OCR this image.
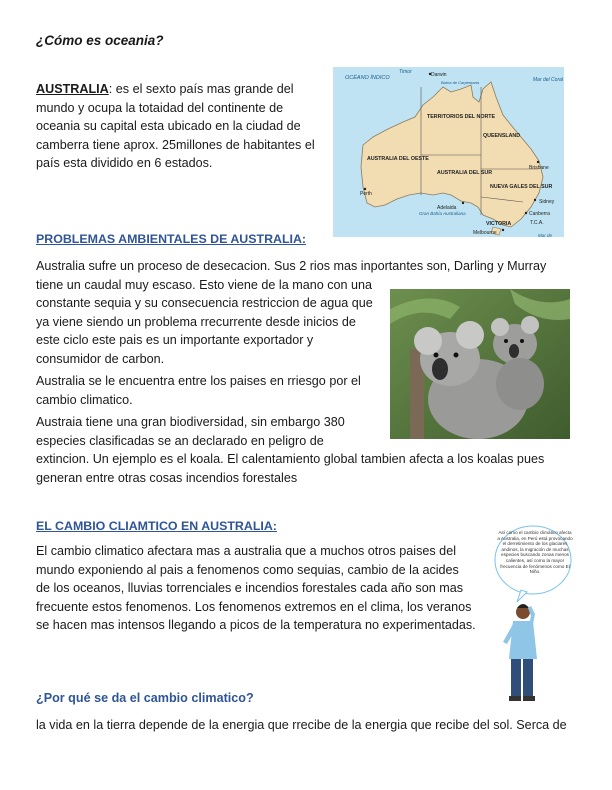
¿Cómo es oceania?
AUSTRALIA: es el sexto país mas grande del
mundo y ocupa la totaidad del continente de
oceania su capital esta ubicado en la ciudad de
camberra tiene aprox. 25millones de habitantes el
país esta dividido en 6 estados.
OCÉANO ÍNDICO
Timor
Bahía de Carpentaria	Mar del Coral
Gran Bahía Australiana
Mar de
TERRITORIOS DEL NORTE
QUEENSLAND
AUSTRALIA DEL OESTE
AUSTRALIA DEL SUR
NUEVA GALES DEL SUR
VICTORIA
Darwin
Brisbane
Perth
Adelaida
Sidney
Canberra
T.C.A.
Melbourne
PROBLEMAS AMBIENTALES DE AUSTRALIA:
Australia sufre un proceso de desecacion. Sus 2 rios mas inportantes son, Darling y Murray
tiene un caudal muy escaso. Esto viene de la mano con una
constante sequia y su consecuencia restriccion de agua que
ya viene siendo un problema rrecurrente desde inicios de
este ciclo este pais es un importante exportador y
consumidor de carbon.
Australia se le encuentra entre los paises en rriesgo por el
cambio climatico.
Austraia tiene una gran biodiversidad, sin embargo 380
especies clasificadas se an declarado en peligro de
extincion. Un ejemplo es el koala. El calentamiento global tambien afecta a los koalas pues
generan entre otras cosas incendios forestales
EL CAMBIO CLIAMTICO EN AUSTRALIA:
El cambio climatico afectara mas a australia que a muchos otros paises del
mundo exponiendo al pais a fenomenos como sequias, cambio de la acides
de los oceanos, lluvias torrenciales e incendios forestales cada año son mas
frecuente estos fenomenos. Los fenomenos extremos en el clima, los veranos
se hacen mas intensos llegando a picos de la temperatura no experimentadas.
Así como el cambio climático afecta a Australia, en Perú está provocando el derretimiento de los glaciares andinos, la migración de muchas especies buscando zonas menos calientes, así como la mayor frecuencia de fenómenos como El Niño.
¿Por qué se da el cambio climatico?
la vida en la tierra depende de la energia que rrecibe de la energia que recibe del sol. Serca de
